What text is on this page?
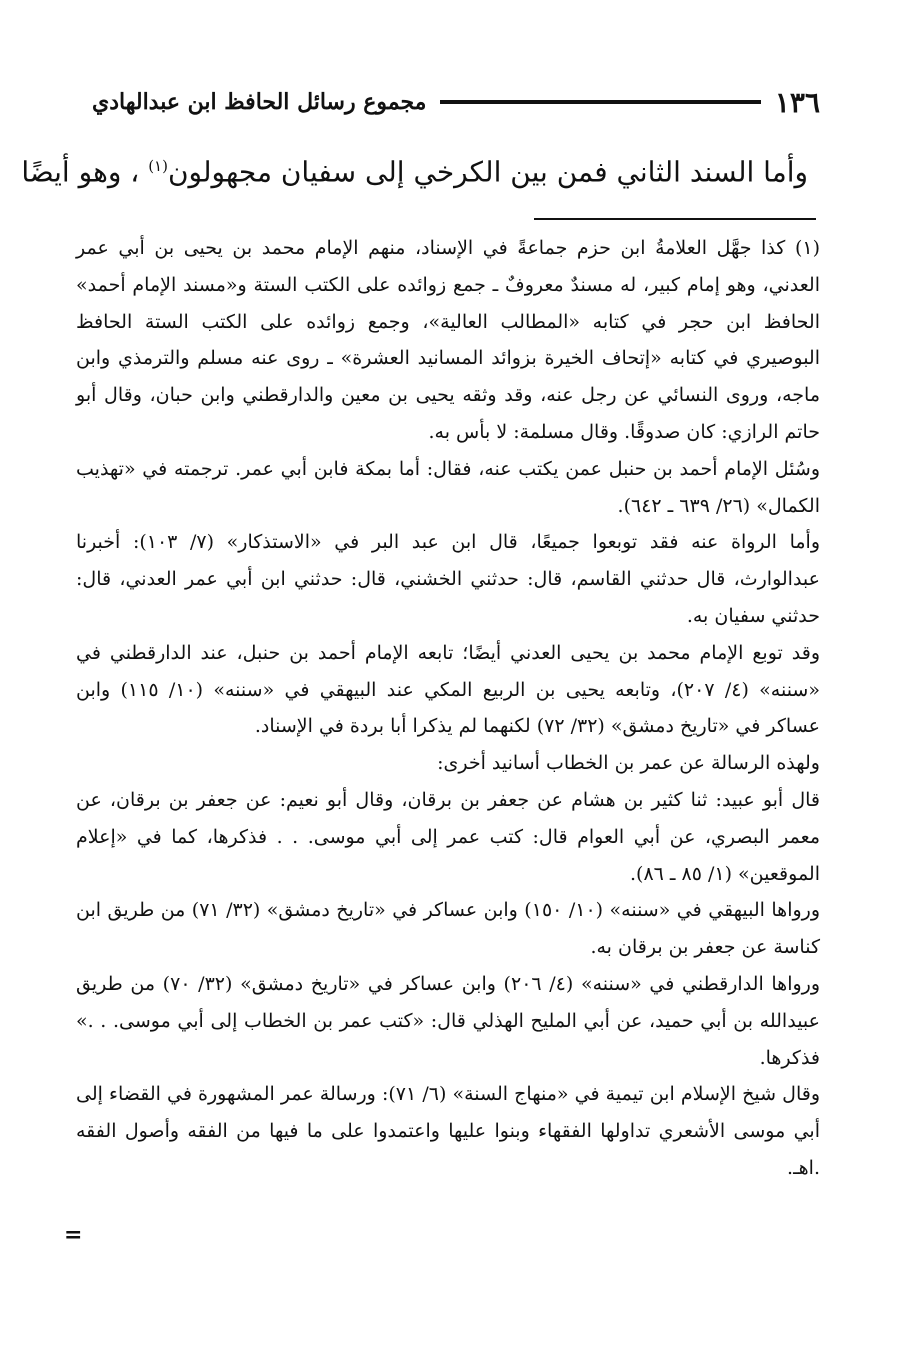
١٣٦
مجموع رسائل الحافظ ابن عبدالهادي
وأما السند الثاني فمن بين الكرخي إلى سفيان مجهولون$^{(١)}$ ، وهو أيضًا

(١) كذا جهَّل العلامةُ ابن حزم جماعةً في الإسناد، منهم الإمام محمد بن يحيى بن أبي عمر العدني، وهو إمام كبير، له مسندٌ معروفٌ ـ جمع زوائده على الكتب الستة و«مسند الإمام أحمد» الحافظ ابن حجر في كتابه «المطالب العالية»، وجمع زوائده على الكتب الستة الحافظ البوصيري في كتابه «إتحاف الخيرة بزوائد المسانيد العشرة» ـ روى عنه مسلم والترمذي وابن ماجه، وروى النسائي عن رجل عنه، وقد وثقه يحيى بن معين والدارقطني وابن حبان، وقال أبو حاتم الرازي: كان صدوقًا. وقال مسلمة: لا بأس به.

وسُئل الإمام أحمد بن حنبل عمن يكتب عنه، فقال: أما بمكة فابن أبي عمر. ترجمته في «تهذيب الكمال» (٢٦/ ٦٣٩ ـ ٦٤٢).

وأما الرواة عنه فقد توبعوا جميعًا، قال ابن عبد البر في «الاستذكار» (٧/ ١٠٣): أخبرنا عبدالوارث، قال حدثني القاسم، قال: حدثني الخشني، قال: حدثني ابن أبي عمر العدني، قال: حدثني سفيان به.

وقد توبع الإمام محمد بن يحيى العدني أيضًا؛ تابعه الإمام أحمد بن حنبل، عند الدارقطني في «سننه» (٤/ ٢٠٧)، وتابعه يحيى بن الربيع المكي عند البيهقي في «سننه» (١٠/ ١١٥) وابن عساكر في «تاريخ دمشق» (٣٢/ ٧٢) لكنهما لم يذكرا أبا بردة في الإسناد.

ولهذه الرسالة عن عمر بن الخطاب أسانيد أخرى:

قال أبو عبيد: ثنا كثير بن هشام عن جعفر بن برقان، وقال أبو نعيم: عن جعفر بن برقان، عن معمر البصري، عن أبي العوام قال: كتب عمر إلى أبي موسى. . . فذكرها، كما في «إعلام الموقعين» (١/ ٨٥ ـ ٨٦).

ورواها البيهقي في «سننه» (١٠/ ١٥٠) وابن عساكر في «تاريخ دمشق» (٣٢/ ٧١) من طريق ابن كناسة عن جعفر بن برقان به.

ورواها الدارقطني في «سننه» (٤/ ٢٠٦) وابن عساكر في «تاريخ دمشق» (٣٢/ ٧٠) من طريق عبيدالله بن أبي حميد، عن أبي المليح الهذلي قال: «كتب عمر بن الخطاب إلى أبي موسى. . .» فذكرها.

وقال شيخ الإسلام ابن تيمية في «منهاج السنة» (٦/ ٧١): ورسالة عمر المشهورة في القضاء إلى أبي موسى الأشعري تداولها الفقهاء وبنوا عليها واعتمدوا على ما فيها من الفقه وأصول الفقه .اهـ.

=
